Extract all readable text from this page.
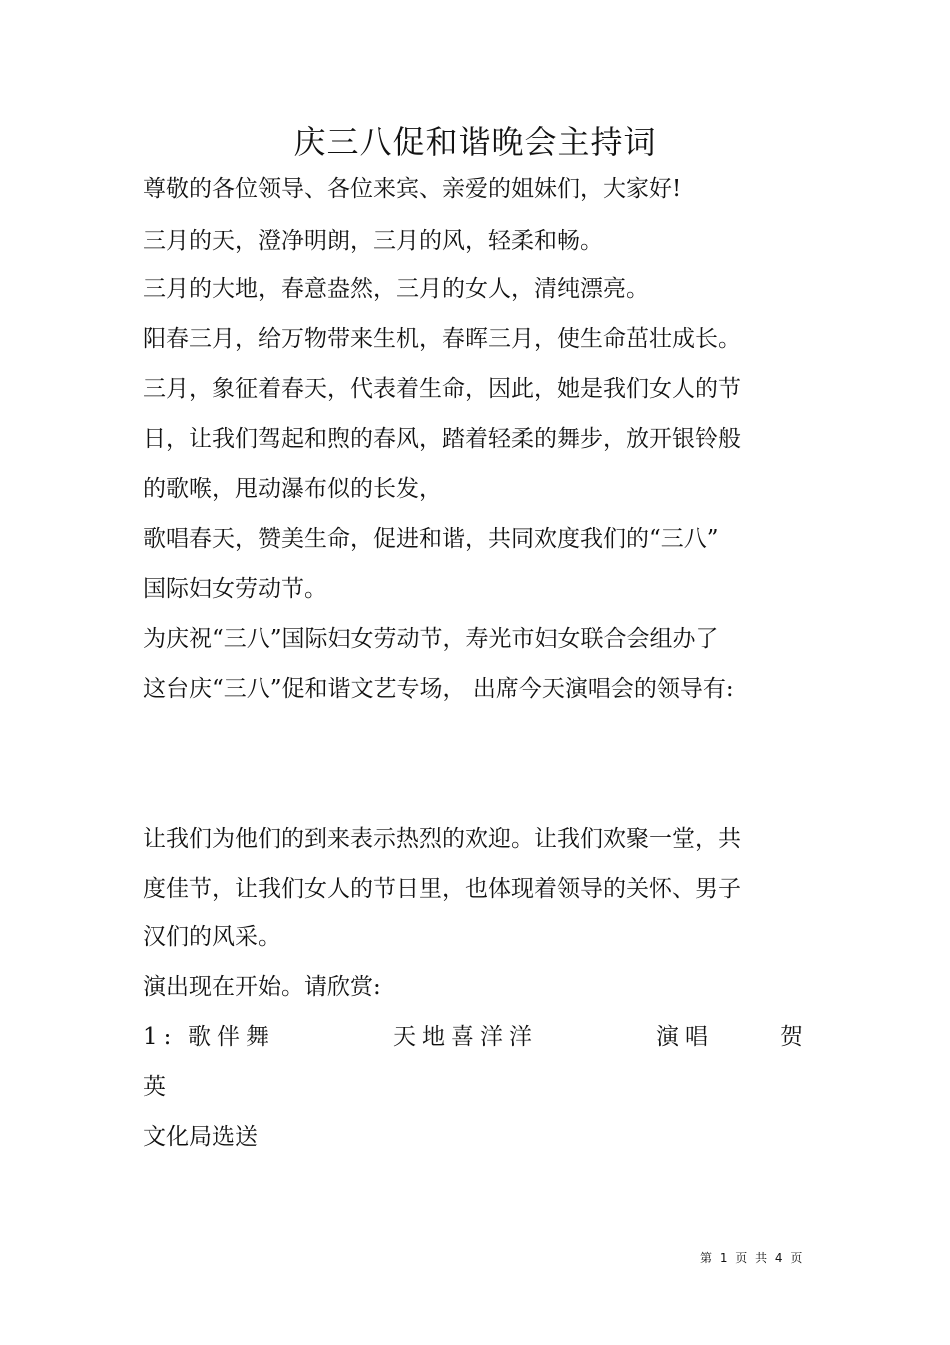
庆三八促和谐晚会主持词

尊敬的各位领导、各位来宾、亲爱的姐妹们，大家好!

三月的天，澄净明朗，三月的风，轻柔和畅。

三月的大地，春意盎然，三月的女人，清纯漂亮。

阳春三月，给万物带来生机，春晖三月，使生命茁壮成长。

三月，象征着春天，代表着生命，因此，她是我们女人的节

日，让我们驾起和煦的春风，踏着轻柔的舞步，放开银铃般

的歌喉，甩动瀑布似的长发，

歌唱春天，赞美生命，促进和谐，共同欢度我们的“三八”

国际妇女劳动节。

为庆祝“三八”国际妇女劳动节，寿光市妇女联合会组办了

这台庆“三八”促和谐文艺专场， 出席今天演唱会的领导有:

让我们为他们的到来表示热烈的欢迎。让我们欢聚一堂，共

度佳节，让我们女人的节日里，也体现着领导的关怀、男子

汉们的风采。

演出现在开始。请欣赏:

1: 歌伴舞	天地喜洋洋	演唱	贺

英

文化局选送

第 1 页 共 4 页
